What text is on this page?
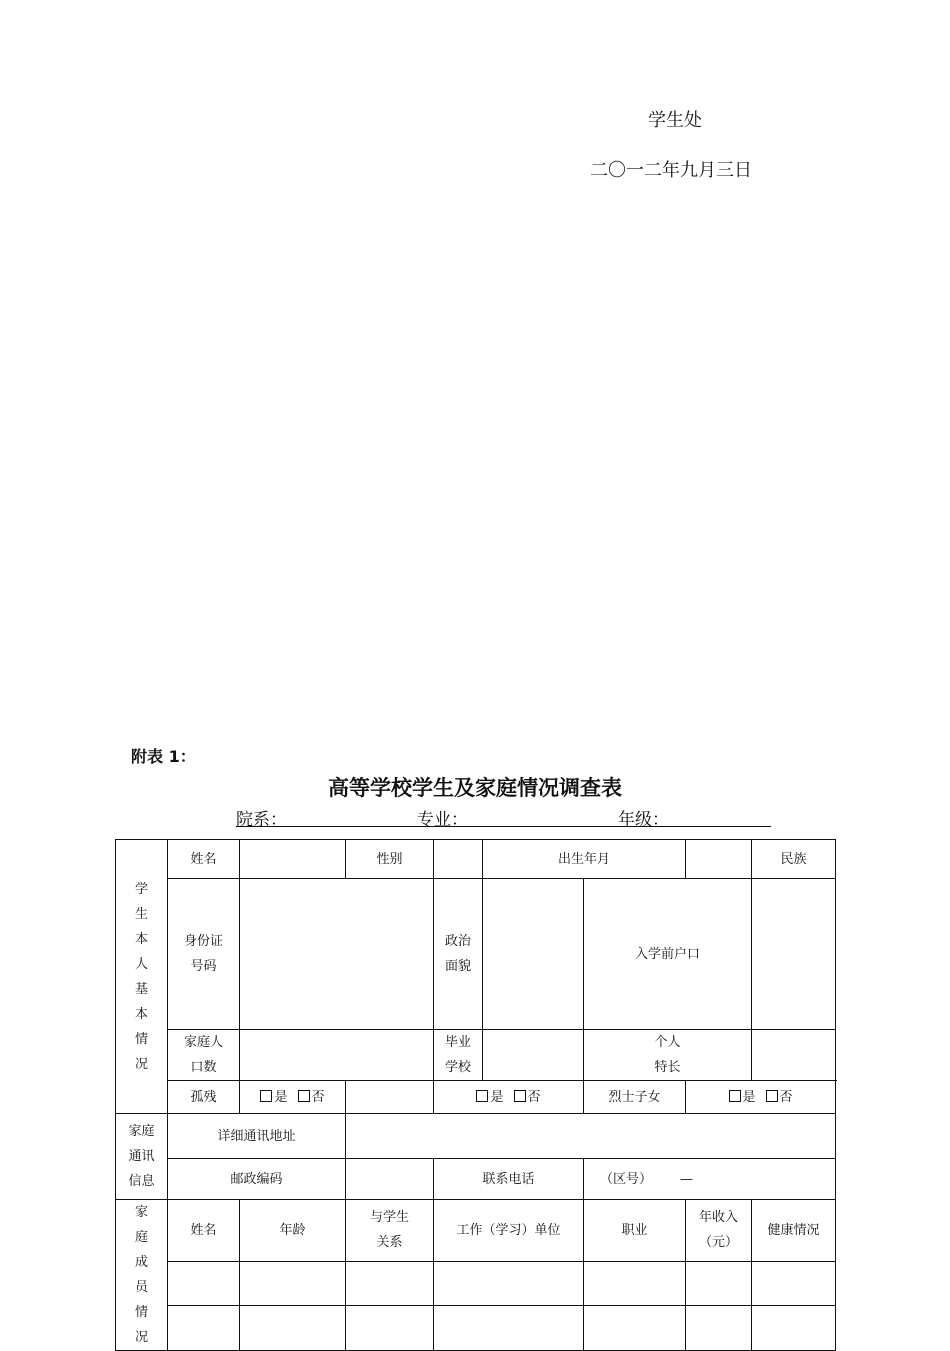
学生处
二〇一二年九月三日
附表 1：
高等学校学生及家庭情况调查表
院系：	专业：	年级：
学生本人基本情况	姓名		性别		出生年月			民族	
	身份证号码			政治面貌		入学前户口		

	家庭人口数			毕业学校		个人特长			
	孤残	是 否		是 否		烈士子女	是 否		
家庭通讯信息	详细通讯地址								
	邮政编码			联系电话		（区号） —			
家庭成员情况	姓名	年龄	与学生关系	工作（学习）单位		职业	年收入（元）	健康情况	
